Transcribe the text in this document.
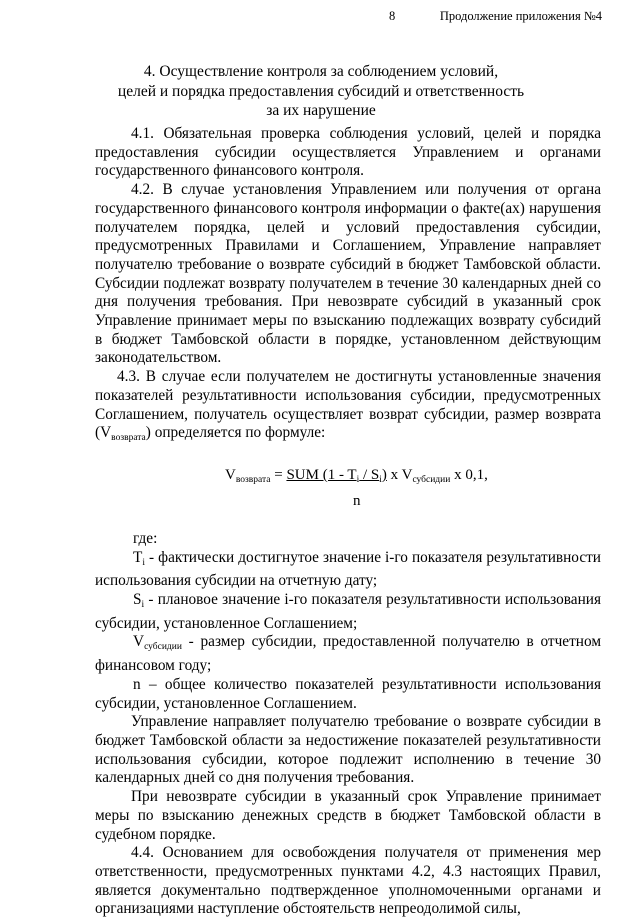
8	Продолжение приложения №4
4. Осуществление контроля за соблюдением условий,
целей и порядка предоставления субсидий и ответственность
за их нарушение

4.1. Обязательная проверка соблюдения условий, целей и порядка предоставления субсидии осуществляется Управлением и органами государственного финансового контроля.

4.2. В случае установления Управлением или получения от органа государственного финансового контроля информации о факте(ах) нарушения получателем порядка, целей и условий предоставления субсидии, предусмотренных Правилами и Соглашением, Управление направляет получателю требование о возврате субсидий в бюджет Тамбовской области. Субсидии подлежат возврату получателем в течение 30 календарных дней со дня получения требования. При невозврате субсидий в указанный срок Управление принимает меры по взысканию подлежащих возврату субсидий в бюджет Тамбовской области в порядке, установленном действующим законодательством.

4.3. В случае если получателем не достигнуты установленные значения показателей результативности использования субсидии, предусмотренных Соглашением, получатель осуществляет возврат субсидии, размер возврата $(V_{возврата})$ определяется по формуле:

$V_{возврата}$ = SUM $(1 - T_i / S_i)$ x $V_{субсидии}$ x 0,1,
n

где:

$T_i$ - фактически достигнутое значение i-го показателя результативности использования субсидии на отчетную дату;

$S_i$ - плановое значение i-го показателя результативности использования субсидии, установленное Соглашением;

$V_{субсидии}$ - размер субсидии, предоставленной получателю в отчетном финансовом году;

n – общее количество показателей результативности использования субсидии, установленное Соглашением.

Управление направляет получателю требование о возврате субсидии в бюджет Тамбовской области за недостижение показателей результативности использования субсидии, которое подлежит исполнению в течение 30 календарных дней со дня получения требования.

При невозврате субсидии в указанный срок Управление принимает меры по взысканию денежных средств в бюджет Тамбовской области в судебном порядке.

4.4. Основанием для освобождения получателя от применения мер ответственности, предусмотренных пунктами 4.2, 4.3 настоящих Правил, является документально подтвержденное уполномоченными органами и организациями наступление обстоятельств непреодолимой силы,
